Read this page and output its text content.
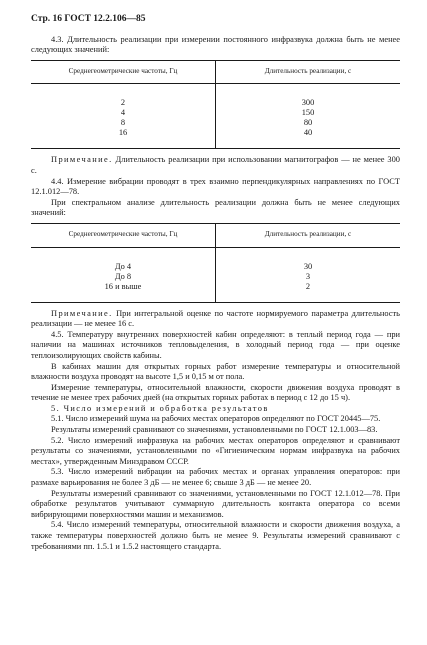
Стр. 16 ГОСТ 12.2.106—85

4.3. Длительность реализации при измерении постоянного инфразвука должна быть не менее следующих значений:

Среднегеометрические частоты, Гц	Длительность реализации, с
2	300
4	150
8	80
16	40

Примечание. Длительность реализации при использовании магнитографов — не менее 300 с.

4.4. Измерение вибрации проводят в трех взаимно перпендикулярных направлениях по ГОСТ 12.1.012—78.

При спектральном анализе длительность реализации должна быть не менее следующих значений:

Среднегеометрические частоты, Гц	Длительность реализации, с
До 4	30
До 8	3
16 и выше	2

Примечание. При интегральной оценке по частоте нормируемого параметра длительность реализации — не менее 16 с.

4.5. Температуру внутренних поверхностей кабин определяют: в теплый период года — при наличии на машинах источников тепловыделения, в холодный период года — при оценке теплоизолирующих свойств кабины.

В кабинах машин для открытых горных работ измерение температуры и относительной влажности воздуха проводят на высоте 1,5 и 0,15 м от пола.

Измерение температуры, относительной влажности, скорости движения воздуха проводят в течение не менее трех рабочих дней (на открытых горных работах в период с 12 до 15 ч).

5. Число измерений и обработка результатов

5.1. Число измерений шума на рабочих местах операторов определяют по ГОСТ 20445—75.

Результаты измерений сравнивают со значениями, установленными по ГОСТ 12.1.003—83.

5.2. Число измерений инфразвука на рабочих местах операторов определяют и сравнивают результаты со значениями, установленными по «Гигиеническим нормам инфразвука на рабочих местах», утвержденным Минздравом СССР.

5.3. Число измерений вибрации на рабочих местах и органах управления операторов: при размахе варьирования не более 3 дБ — не менее 6; свыше 3 дБ — не менее 20.

Результаты измерений сравнивают со значениями, установленными по ГОСТ 12.1.012—78. При обработке результатов учитывают суммарную длительность контакта оператора со всеми вибрирующими поверхностями машин и механизмов.

5.4. Число измерений температуры, относительной влажности и скорости движения воздуха, а также температуры поверхностей должно быть не менее 9. Результаты измерений сравнивают с требованиями пп. 1.5.1 и 1.5.2 настоящего стандарта.
